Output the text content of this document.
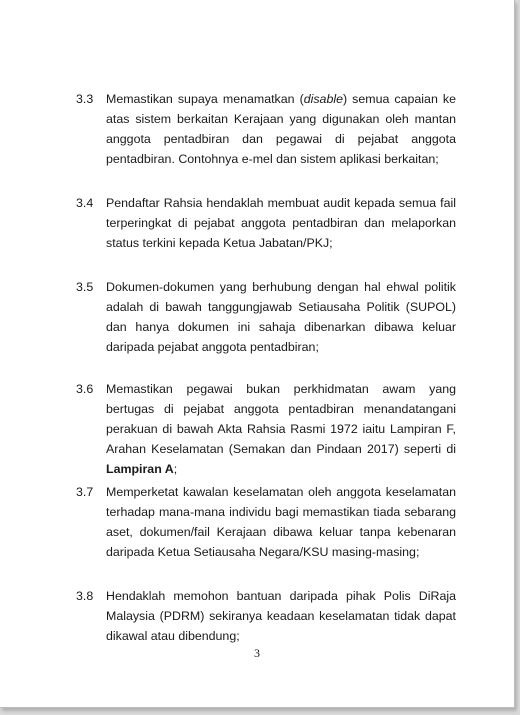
3.3	Memastikan supaya menamatkan (disable) semua capaian ke atas sistem berkaitan Kerajaan yang digunakan oleh mantan anggota pentadbiran dan pegawai di pejabat anggota pentadbiran. Contohnya e-mel dan sistem aplikasi berkaitan;
3.4	Pendaftar Rahsia hendaklah membuat audit kepada semua fail terperingkat di pejabat anggota pentadbiran dan melaporkan status terkini kepada Ketua Jabatan/PKJ;
3.5	Dokumen-dokumen yang berhubung dengan hal ehwal politik adalah di bawah tanggungjawab Setiausaha Politik (SUPOL) dan hanya dokumen ini sahaja dibenarkan dibawa keluar daripada pejabat anggota pentadbiran;
3.6	Memastikan pegawai bukan perkhidmatan awam yang bertugas di pejabat anggota pentadbiran menandatangani perakuan di bawah Akta Rahsia Rasmi 1972 iaitu Lampiran F, Arahan Keselamatan (Semakan dan Pindaan 2017) seperti di Lampiran A;
3.7	Memperketat kawalan keselamatan oleh anggota keselamatan terhadap mana-mana individu bagi memastikan tiada sebarang aset, dokumen/fail Kerajaan dibawa keluar tanpa kebenaran daripada Ketua Setiausaha Negara/KSU masing-masing;
3.8	Hendaklah memohon bantuan daripada pihak Polis DiRaja Malaysia (PDRM) sekiranya keadaan keselamatan tidak dapat dikawal atau dibendung;
3
